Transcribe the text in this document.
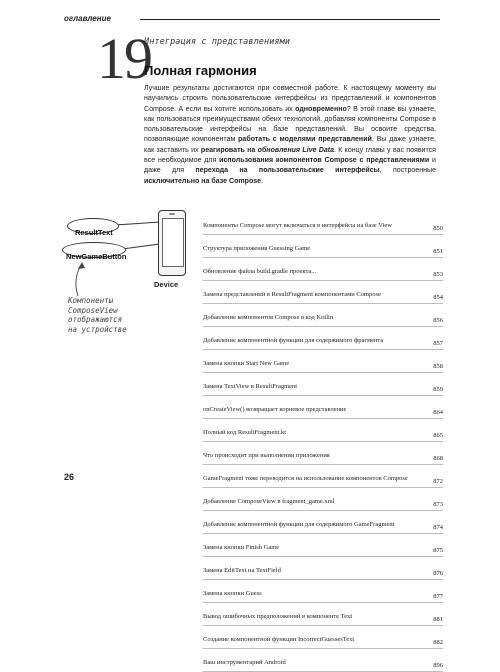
оглавление
19
Интеграция с представлениями
Полная гармония
Лучшие результаты достигаются при совместной работе. К настоящему моменту вы научились строить пользовательские интерфейсы из представлений и компонентов Compose. А если вы хотите использовать их одновременно? В этой главе вы узнаете, как пользоваться преимуществами обеих технологий, добавляя компоненты Compose в пользовательские интерфейсы на базе представлений. Вы освоите средства, позволяющие компонентам работать с моделями представлений. Вы даже узнаете, как заставить их реагировать на обновления Live Data. К концу главы у вас появится все необходимое для использования компонентов Compose с представлениями и даже для перехода на пользовательские интерфейсы, построенные исключительно на базе Compose.
ResultText
NewGameButton
Device
Компоненты
ComposeView
отображаются
на устройстве
Компоненты Compose могут включаться в интерфейсы на базе View	850
Структура приложения Guessing Game	851
Обновление файла build.gradle проекта...	853
Замена представлений в ResultFragment компонентами Compose	854
Добавление компонентов Compose в код Kotlin	856
Добавление компонентной функции для содержимого фрагмента	857
Замена кнопки Start New Game	858
Замена TextView в ResultFragment	859
onCreateView() возвращает корневое представление	864
Полный код ResultFragment.kt	865
Что происходит при выполнении приложения	868
GameFragment тоже переводится на использование компонентов Compose	872
Добавление ComposeView в fragment_game.xml	873
Добавление компонентной функции для содержимого GameFragment	874
Замена кнопки Finish Game	875
Замена EditText на TextField	876
Замена кнопки Guess	877
Вывод ошибочных предположений в компоненте Text	881
Создание компонентной функции IncorrectGuessesText	882
Ваш инструментарий Android	896
26
